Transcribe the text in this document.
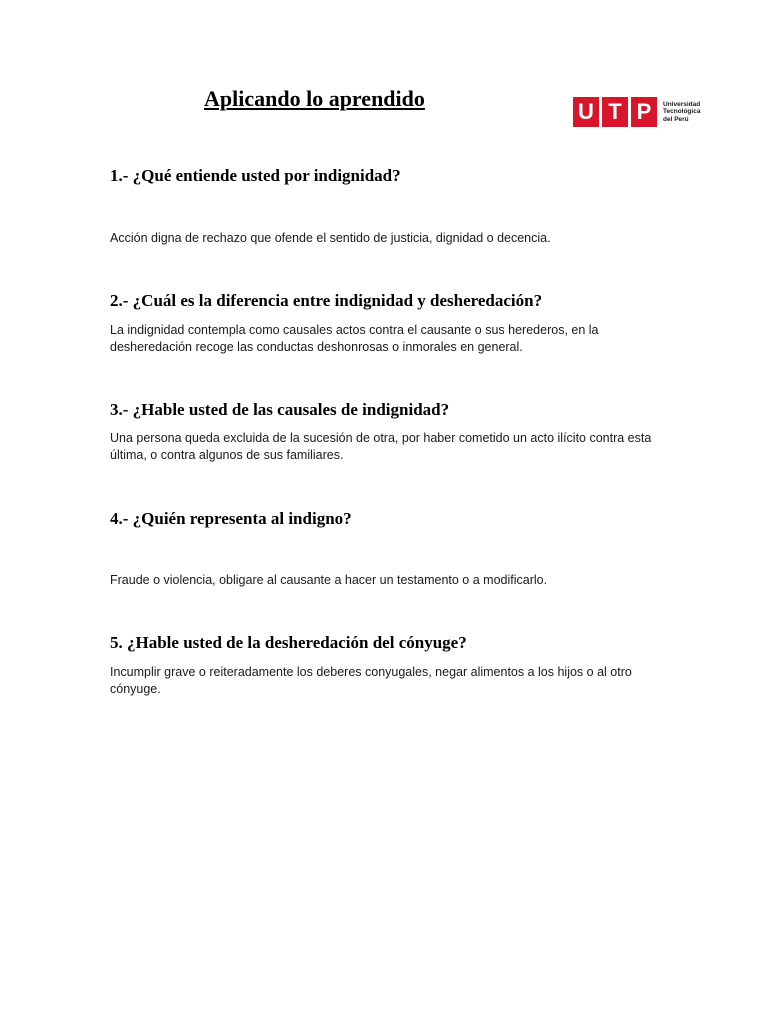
Aplicando lo aprendido
U T P	Universidad
Tecnológica
del Perú
1.- ¿Qué entiende usted por indignidad?
Acción digna de rechazo que ofende el sentido de justicia, dignidad o decencia.
2.- ¿Cuál es la diferencia entre indignidad y desheredación?
La indignidad contempla como causales actos contra el causante o sus herederos, en la desheredación recoge las conductas deshonrosas o inmorales en general.
3.- ¿Hable usted de las causales de indignidad?
Una persona queda excluida de la sucesión de otra, por haber cometido un acto ilícito contra esta última, o contra algunos de sus familiares.
4.- ¿Quién representa al indigno?
Fraude o violencia, obligare al causante a hacer un testamento o a modificarlo.
5. ¿Hable usted de la desheredación del cónyuge?
Incumplir grave o reiteradamente los deberes conyugales, negar alimentos a los hijos o al otro cónyuge.
